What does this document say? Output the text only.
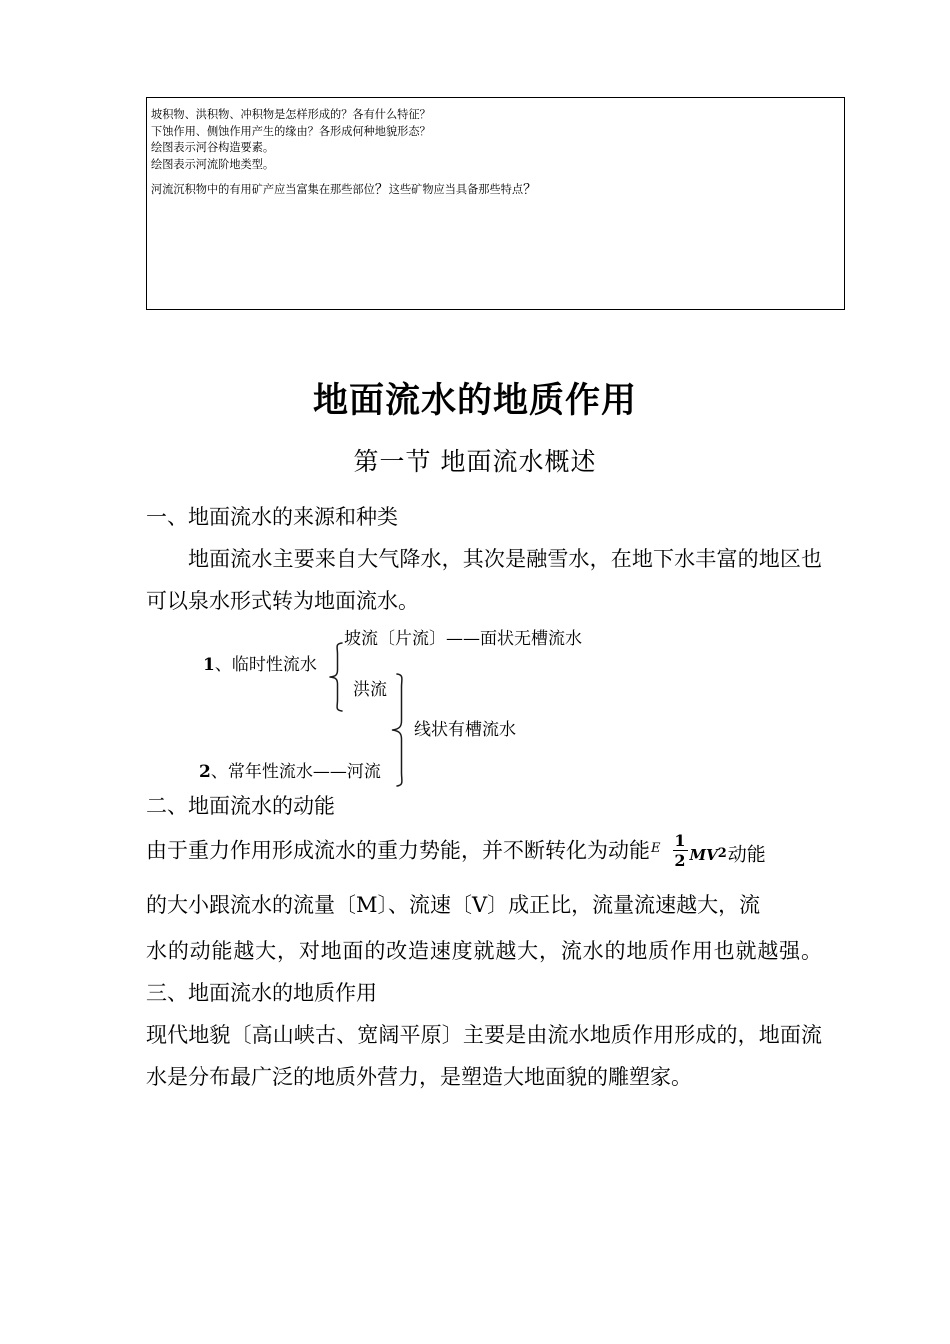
坡积物、洪积物、冲积物是怎样形成的？各有什么特征？
下蚀作用、侧蚀作用产生的缘由？各形成何种地貌形态？
绘图表示河谷构造要素。
绘图表示河流阶地类型。
河流沉积物中的有用矿产应当富集在那些部位？这些矿物应当具备那些特点？
地面流水的地质作用
第一节 地面流水概述
一、地面流水的来源和种类
地面流水主要来自大气降水，其次是融雪水，在地下水丰富的地区也可以泉水形式转为地面流水。
坡流〔片流〕——面状无槽流水
1、临时性流水
洪流
线状有槽流水
2、常年性流水——河流
二、地面流水的动能
由于重力作用形成流水的重力势能，并不断转化为动能$^E \frac{1}{2} MV2$动能
的大小跟流水的流量〔M〕、流速〔V〕成正比，流量流速越大，流
水的动能越大，对地面的改造速度就越大，流水的地质作用也就越强。三、地面流水的地质作用
现代地貌〔高山峡古、宽阔平原〕主要是由流水地质作用形成的，地面流水是分布最广泛的地质外营力，是塑造大地面貌的雕塑家。
